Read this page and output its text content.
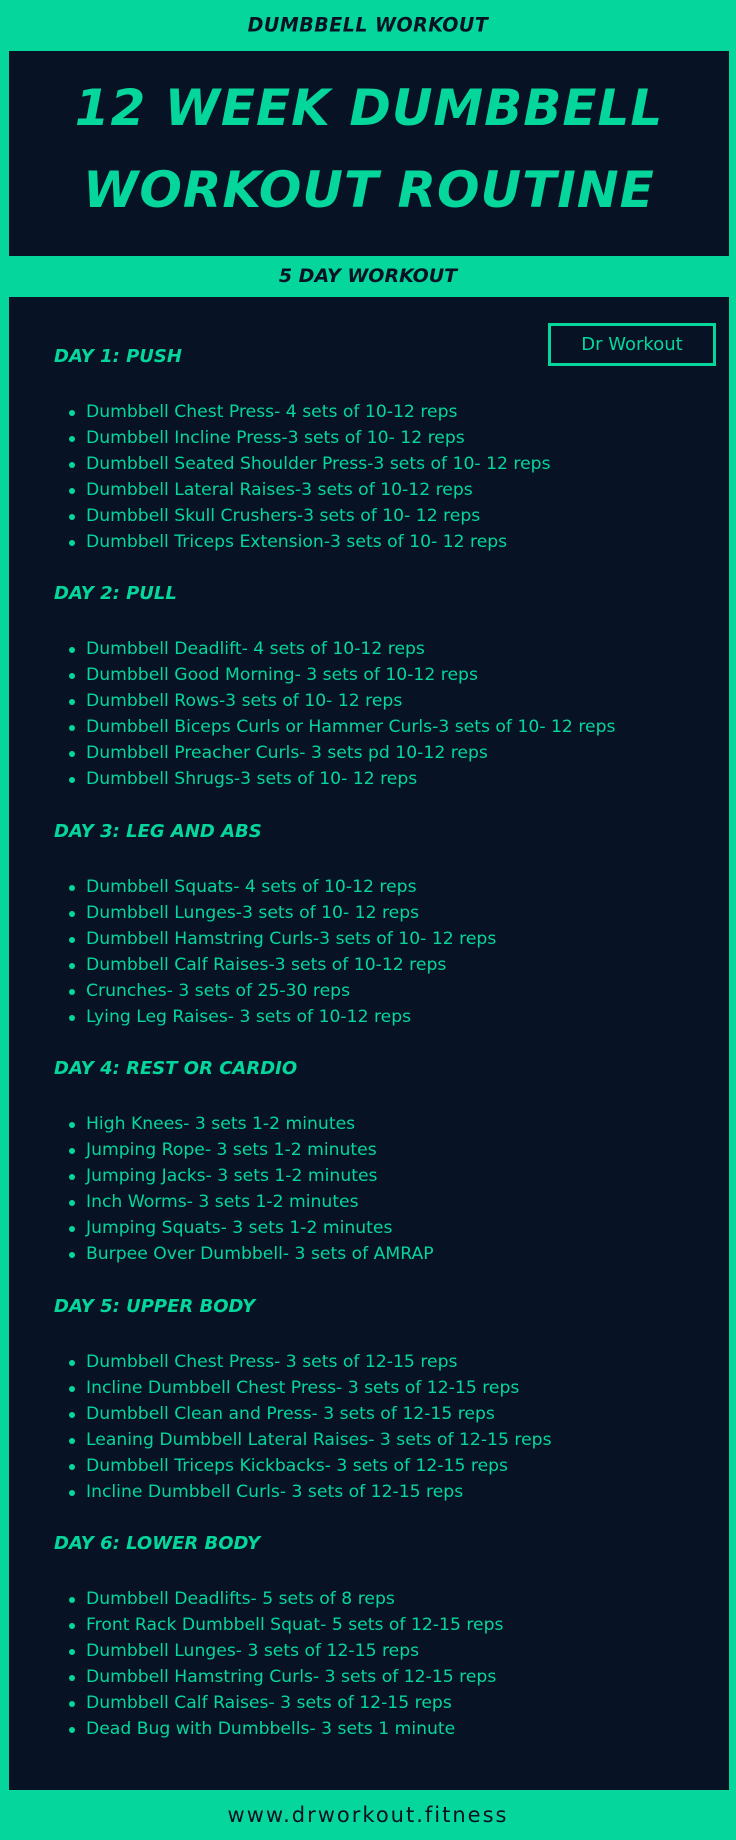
DUMBBELL WORKOUT
12 WEEK DUMBBELL
WORKOUT ROUTINE
5 DAY WORKOUT
Dr Workout
DAY 1: PUSH
Dumbbell Chest Press- 4 sets of 10-12 reps
Dumbbell Incline Press-3 sets of 10- 12 reps
Dumbbell Seated Shoulder Press-3 sets of 10- 12 reps
Dumbbell Lateral Raises-3 sets of 10-12 reps
Dumbbell Skull Crushers-3 sets of 10- 12 reps
Dumbbell Triceps Extension-3 sets of 10- 12 reps
DAY 2: PULL
Dumbbell Deadlift- 4 sets of 10-12 reps
Dumbbell Good Morning- 3 sets of 10-12 reps
Dumbbell Rows-3 sets of 10- 12 reps
Dumbbell Biceps Curls or Hammer Curls-3 sets of 10- 12 reps
Dumbbell Preacher Curls- 3 sets pd 10-12 reps
Dumbbell Shrugs-3 sets of 10- 12 reps
DAY 3: LEG AND ABS
Dumbbell Squats- 4 sets of 10-12 reps
Dumbbell Lunges-3 sets of 10- 12 reps
Dumbbell Hamstring Curls-3 sets of 10- 12 reps
Dumbbell Calf Raises-3 sets of 10-12 reps
Crunches- 3 sets of 25-30 reps
Lying Leg Raises- 3 sets of 10-12 reps
DAY 4: REST OR CARDIO
High Knees- 3 sets 1-2 minutes
Jumping Rope- 3 sets 1-2 minutes
Jumping Jacks- 3 sets 1-2 minutes
Inch Worms- 3 sets 1-2 minutes
Jumping Squats- 3 sets 1-2 minutes
Burpee Over Dumbbell- 3 sets of AMRAP
DAY 5: UPPER BODY
Dumbbell Chest Press- 3 sets of 12-15 reps
Incline Dumbbell Chest Press- 3 sets of 12-15 reps
Dumbbell Clean and Press- 3 sets of 12-15 reps
Leaning Dumbbell Lateral Raises- 3 sets of 12-15 reps
Dumbbell Triceps Kickbacks- 3 sets of 12-15 reps
Incline Dumbbell Curls- 3 sets of 12-15 reps
DAY 6: LOWER BODY
Dumbbell Deadlifts- 5 sets of 8 reps
Front Rack Dumbbell Squat- 5 sets of 12-15 reps
Dumbbell Lunges- 3 sets of 12-15 reps
Dumbbell Hamstring Curls- 3 sets of 12-15 reps
Dumbbell Calf Raises- 3 sets of 12-15 reps
Dead Bug with Dumbbells- 3 sets 1 minute
www.drworkout.fitness
